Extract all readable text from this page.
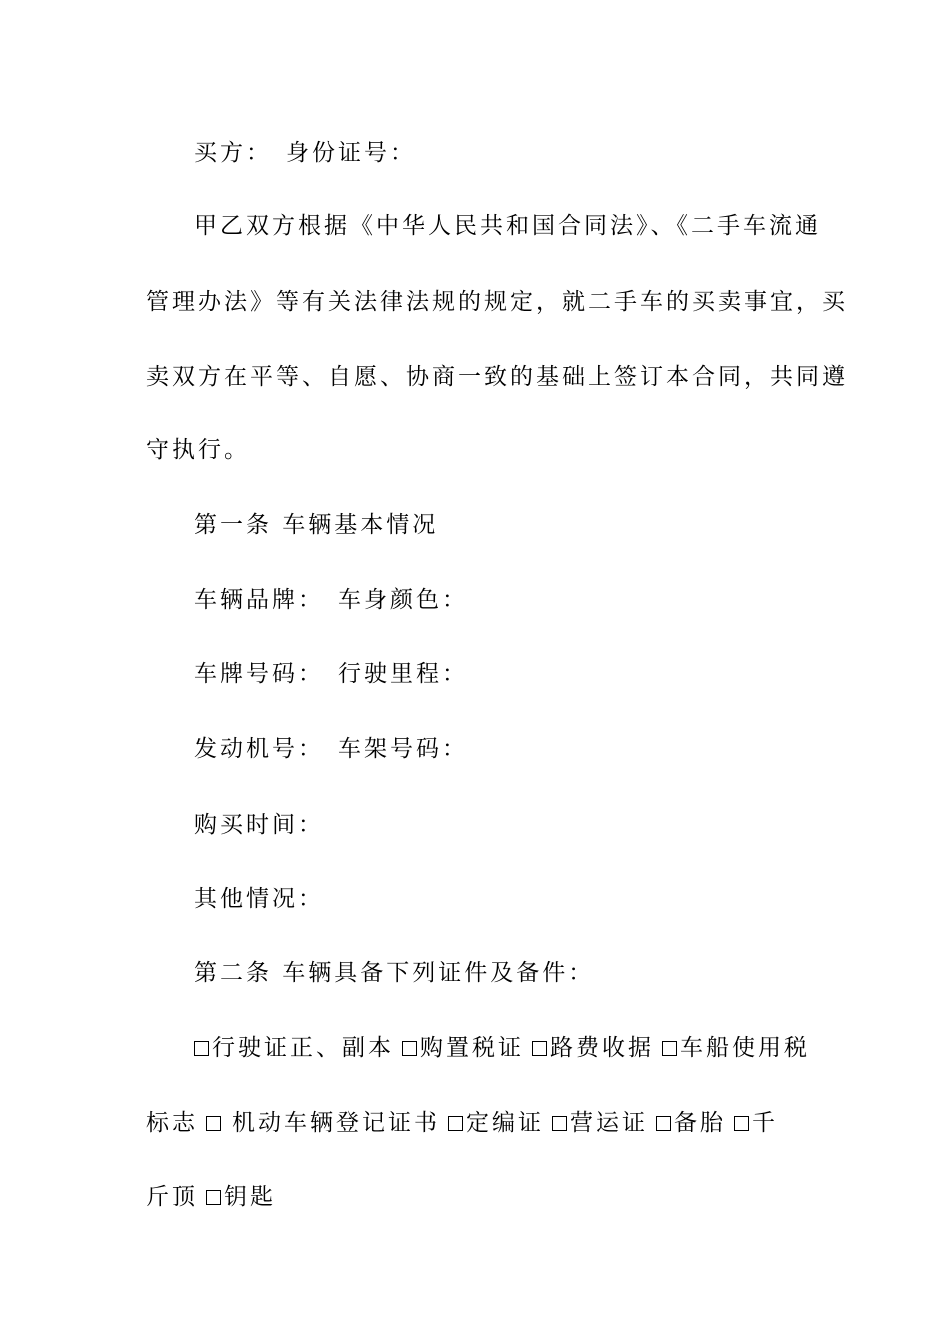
买方： 身份证号：
甲乙双方根据《中华人民共和国合同法》、《二手车流通
管理办法》等有关法律法规的规定，就二手车的买卖事宜，买
卖双方在平等、自愿、协商一致的基础上签订本合同，共同遵
守执行。
第一条 车辆基本情况
车辆品牌： 车身颜色：
车牌号码： 行驶里程：
发动机号： 车架号码：
购买时间：
其他情况：
第二条 车辆具备下列证件及备件：
行驶证正、副本 购置税证 路费收据 车船使用税
标志 机动车辆登记证书 定编证 营运证 备胎 千
斤顶 钥匙
